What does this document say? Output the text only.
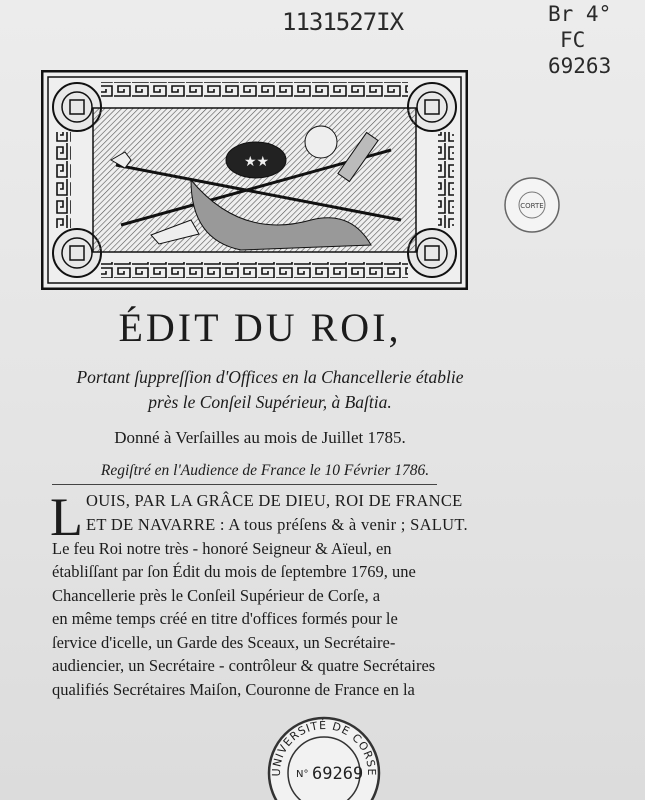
1131527IX	Br 4°
FC
69263
★★
CORTE
ÉDIT DU ROI,
Portant ſuppreſſion d'Offices en la Chancellerie établie
près le Conſeil Supérieur, à Baſtia.
Donné à Verſailles au mois de Juillet 1785.
Regiſtré en l'Audience de France le 10 Février 1786.
L OUIS, PAR LA GRÂCE DE DIEU, ROI DE FRANCE
ET DE NAVARRE : A tous préſens & à venir ; SALUT.
Le feu Roi notre très - honoré Seigneur & Aïeul, en
établiſſant par ſon Édit du mois de ſeptembre 1769, une
Chancellerie près le Conſeil Supérieur de Corſe, a
en même temps créé en titre d'offices formés pour le
ſervice d'icelle, un Garde des Sceaux, un Secrétaire-
audiencier, un Secrétaire - contrôleur & quatre Secrétaires
qualifiés Secrétaires Maiſon, Couronne de France en la
UNIVERSITÉ DE CORSE
N° 69269
